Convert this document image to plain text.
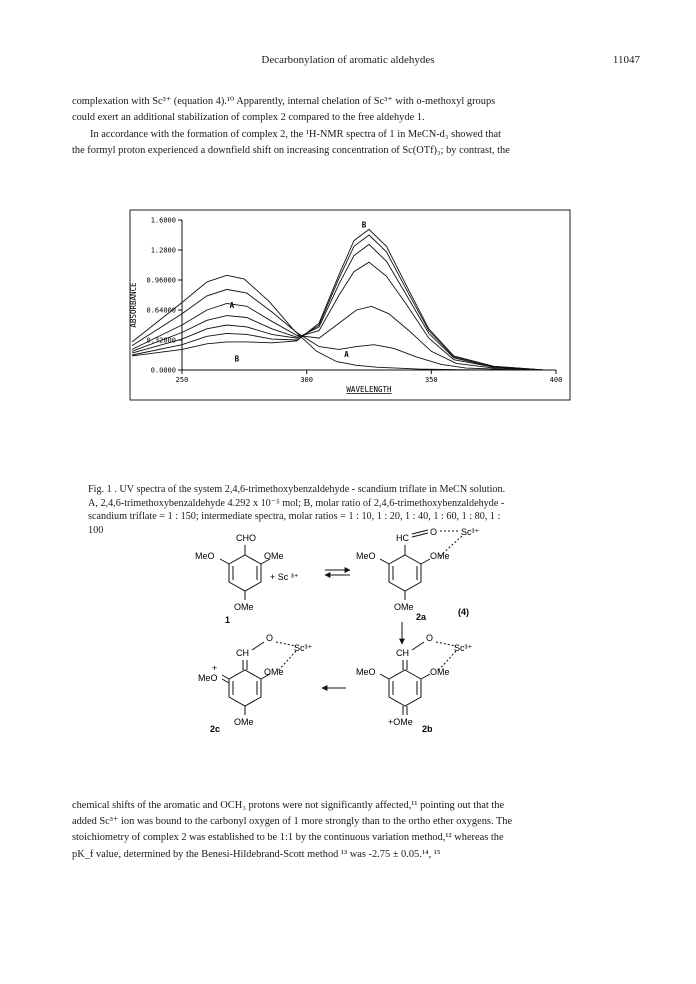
Decarbonylation of aromatic aldehydes	11047

complexation with Sc³⁺ (equation 4).¹⁰ Apparently, internal chelation of Sc³⁺ with o-methoxyl groups

could exert an additional stabilization of complex 2 compared to the free aldehyde 1.

In accordance with the formation of complex 2, the ¹H-NMR spectra of 1 in MeCN-d₃ showed that

the formyl proton experienced a downfield shift on increasing concentration of Sc(OTf)₃; by contrast, the

ABSORBANCE
0.0000
0.32000
0.64000
0.96000
1.2800
1.6000
250	300	350	400
A
B
A
B
WAVELENGTH
Fig. 1 . UV spectra of the system 2,4,6-trimethoxybenzaldehyde - scandium triflate in MeCN solution.
A, 2,4,6-trimethoxybenzaldehyde 4.292 x 10⁻⁵ mol; B, molar ratio of 2,4,6-trimethoxybenzaldehyde -
scandium triflate = 1 : 150; intermediate spectra, molar ratios = 1 : 10, 1 : 20, 1 : 40, 1 : 60, 1 : 80, 1 :
100
CHO
MeO	OMe
OMe
1
+ Sc ³⁺
HC
O	Sc³⁺
MeO	OMe
OMe
2a	(4)
CH
O
Sc³⁺
MeO	OMe
+OMe
2b
CH
O
Sc³⁺
MeO
+	OMe
OMe
2c

chemical shifts of the aromatic and OCH₃ protons were not significantly affected,¹¹ pointing out that the

added Sc³⁺ ion was bound to the carbonyl oxygen of 1 more strongly than to the ortho ether oxygens. The

stoichiometry of complex 2 was established to be 1:1 by the continuous variation method,¹² whereas the

pK_f value, determined by the Benesi-Hildebrand-Scott method ¹³ was -2.75 ± 0.05.¹⁴, ¹⁵
